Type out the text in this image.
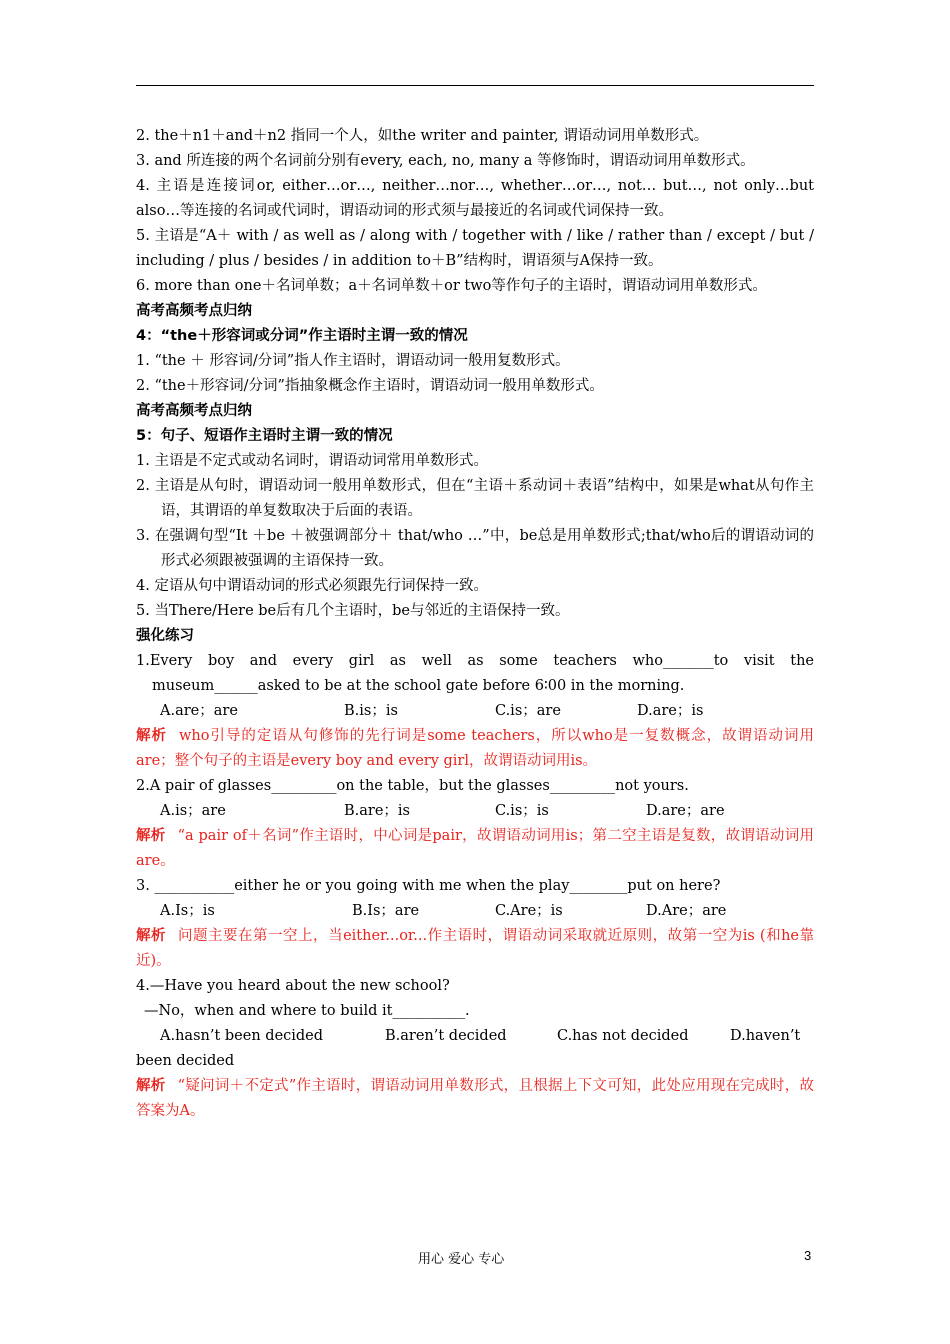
2. the＋n1＋and＋n2 指同一个人，如the writer and painter, 谓语动词用单数形式。

3. and 所连接的两个名词前分别有every, each, no, many a 等修饰时，谓语动词用单数形式。

4. 主语是连接词or, either…or…, neither…nor…, whether…or…, not… but…, not only…but also…等连接的名词或代词时，谓语动词的形式须与最接近的名词或代词保持一致。

5. 主语是“A＋ with / as well as / along with / together with / like / rather than / except / but / including / plus / besides / in addition to＋B”结构时，谓语须与A保持一致。

6. more than one＋名词单数；a＋名词单数＋or two等作句子的主语时，谓语动词用单数形式。

高考高频考点归纳

4：“the＋形容词或分词”作主语时主谓一致的情况

1. “the ＋ 形容词/分词”指人作主语时，谓语动词一般用复数形式。

2. “the＋形容词/分词”指抽象概念作主语时，谓语动词一般用单数形式。

高考高频考点归纳

5：句子、短语作主语时主谓一致的情况

1. 主语是不定式或动名词时，谓语动词常用单数形式。

2. 主语是从句时，谓语动词一般用单数形式，但在“主语＋系动词＋表语”结构中，如果是what从句作主语，其谓语的单复数取决于后面的表语。

3. 在强调句型“It ＋be ＋被强调部分＋ that/who …”中，be总是用单数形式;that/who后的谓语动词的形式必须跟被强调的主语保持一致。

4. 定语从句中谓语动词的形式必须跟先行词保持一致。

5. 当There/Here be后有几个主语时，be与邻近的主语保持一致。

强化练习

1.Every boy and every girl as well as some teachers who_______to visit the museum______asked to be at the school gate before 6∶00 in the morning.

A.are；are	B.is；is	C.is；are	D.are；is

解析 who引导的定语从句修饰的先行词是some teachers，所以who是一复数概念，故谓语动词用are；整个句子的主语是every boy and every girl，故谓语动词用is。

2.A pair of glasses_________on the table，but the glasses_________not yours.

A.is；are	B.are；is	C.is；is	D.are；are

解析 “a pair of＋名词”作主语时，中心词是pair，故谓语动词用is；第二空主语是复数，故谓语动词用are。

3. ___________either he or you going with me when the play________put on here?

A.Is；is	B.Is；are	C.Are；is	D.Are；are

解析 问题主要在第一空上，当either...or...作主语时，谓语动词采取就近原则，故第一空为is (和he靠近)。

4.—Have you heard about the new school?

—No，when and where to build it__________.

A.hasn’t been decided	B.aren’t decided	C.has not decided	D.haven’t

been decided

解析 “疑问词＋不定式”作主语时，谓语动词用单数形式，且根据上下文可知，此处应用现在完成时，故答案为A。

用心 爱心 专心	3
